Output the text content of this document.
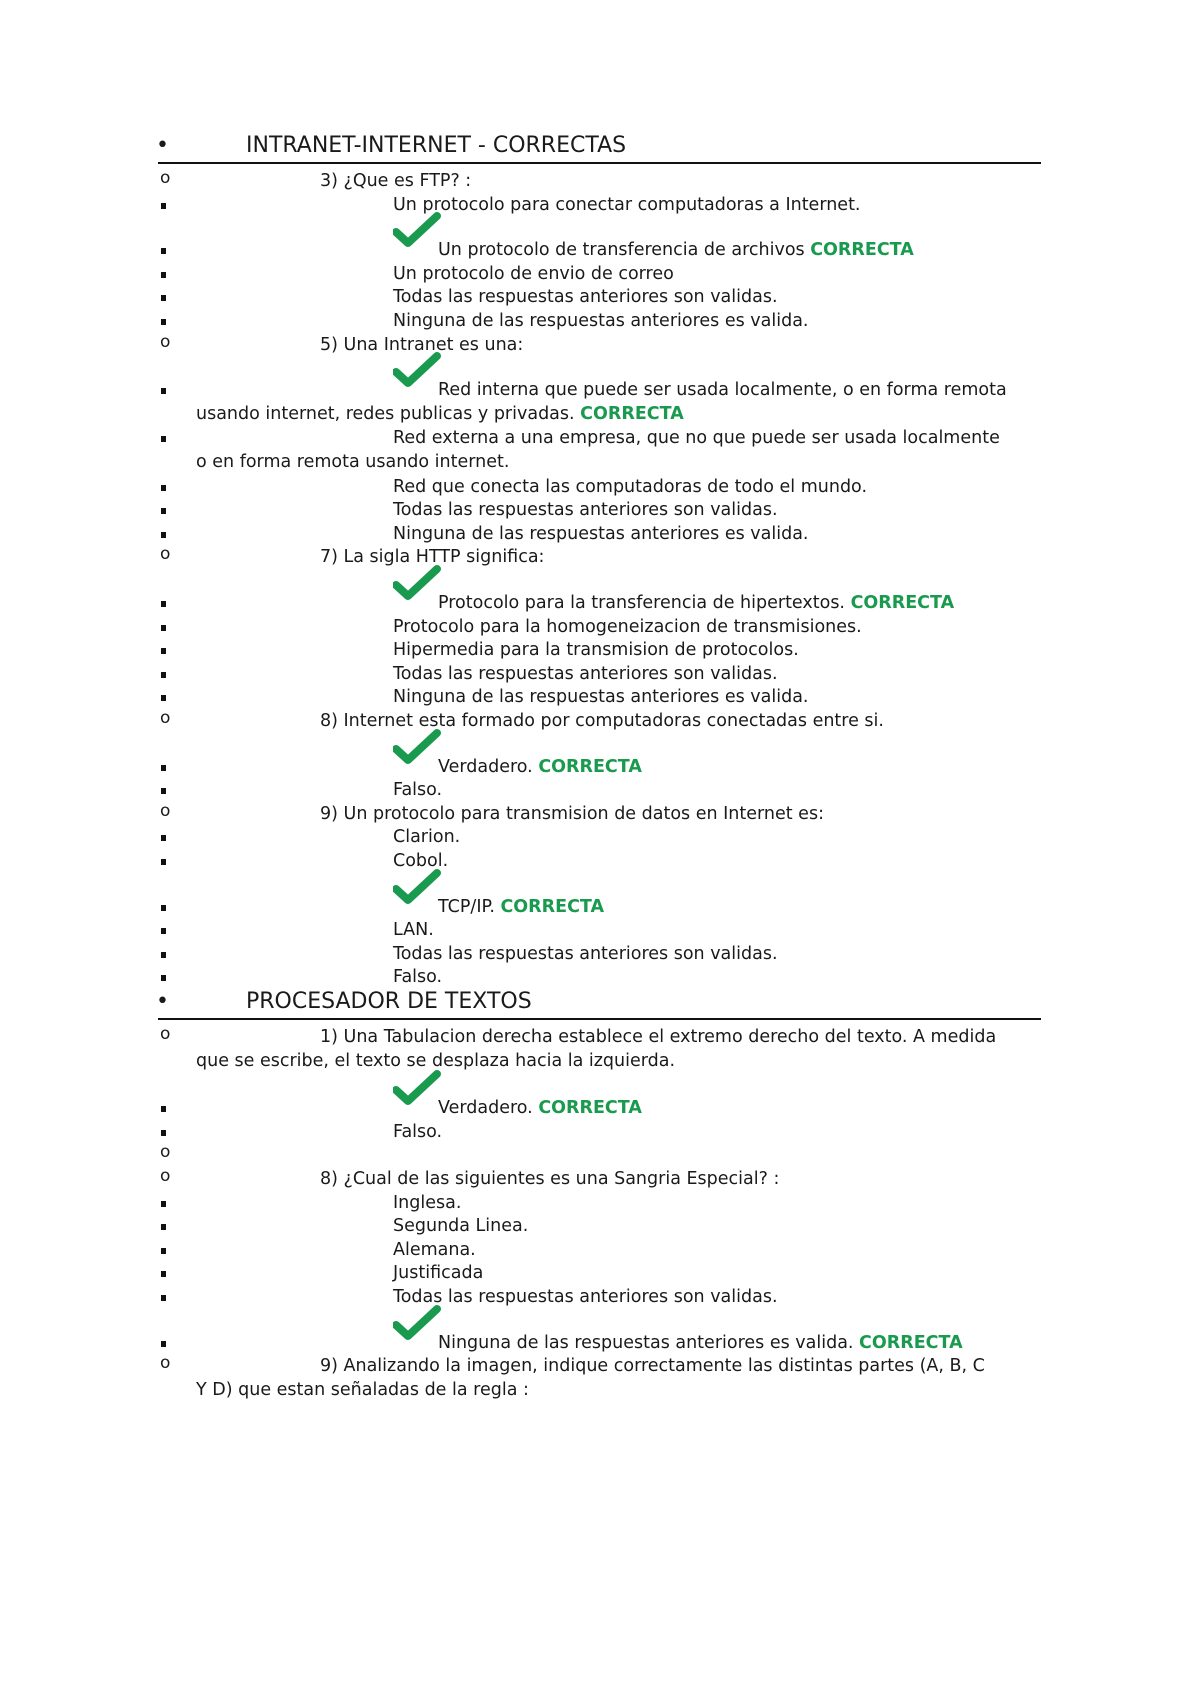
•	INTRANET-INTERNET - CORRECTAS
o	3) ¿Que es FTP? :
Un protocolo para conectar computadoras a Internet.
Un protocolo de transferencia de archivos CORRECTA
Un protocolo de envio de correo
Todas las respuestas anteriores son validas.
Ninguna de las respuestas anteriores es valida.
o	5) Una Intranet es una:
Red interna que puede ser usada localmente, o en forma remota
usando internet, redes publicas y privadas. CORRECTA
Red externa a una empresa, que no que puede ser usada localmente
o en forma remota usando internet.
Red que conecta las computadoras de todo el mundo.
Todas las respuestas anteriores son validas.
Ninguna de las respuestas anteriores es valida.
o	7) La sigla HTTP significa:
Protocolo para la transferencia de hipertextos. CORRECTA
Protocolo para la homogeneizacion de transmisiones.
Hipermedia para la transmision de protocolos.
Todas las respuestas anteriores son validas.
Ninguna de las respuestas anteriores es valida.
o	8) Internet esta formado por computadoras conectadas entre si.
Verdadero. CORRECTA
Falso.
o	9) Un protocolo para transmision de datos en Internet es:
Clarion.
Cobol.
TCP/IP. CORRECTA
LAN.
Todas las respuestas anteriores son validas.
Falso.
•	PROCESADOR DE TEXTOS
o	1) Una Tabulacion derecha establece el extremo derecho del texto. A medida
que se escribe, el texto se desplaza hacia la izquierda.
Verdadero. CORRECTA
Falso.
o
o	8) ¿Cual de las siguientes es una Sangria Especial? :
Inglesa.
Segunda Linea.
Alemana.
Justificada
Todas las respuestas anteriores son validas.
Ninguna de las respuestas anteriores es valida. CORRECTA
o	9) Analizando la imagen, indique correctamente las distintas partes (A, B, C
Y D) que estan señaladas de la regla :
